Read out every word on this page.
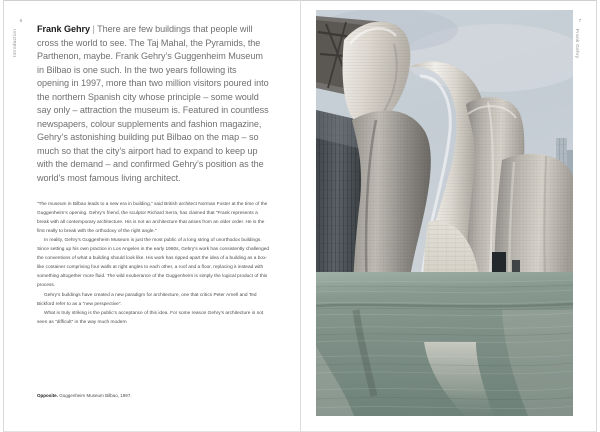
6
Introduction Frank Gehry | There are few buildings that people will cross the world to see. The Taj Mahal, the Pyramids, the Parthenon, maybe. Frank Gehry’s Guggenheim Museum in Bilbao is one such. In the two years following its opening in 1997, more than two million visitors poured into the northern Spanish city whose principle – some would say only – attraction the museum is. Featured in countless newspapers, colour supplements and fashion magazine, Gehry’s astonishing building put Bilbao on the map – so much so that the city’s airport had to expand to keep up with the demand – and confirmed Gehry’s position as the world’s most famous living architect.

“The museum in Bilbao leads to a new era in building,” said British architect Norman Foster at the time of the Guggenheim’s opening. Gehry’s friend, the sculptor Richard Serra, has claimed that “Frank represents a break with all contemporary architecture. His is not an architecture that arises from an older order. He is the first really to break with the orthodoxy of the right angle.”

In reality, Gehry’s Guggenheim Museum is just the most public of a long string of unorthodox buildings. Since setting up his own practice in Los Angeles in the early 1960s, Gehry’s work has consistently challenged the conventions of what a building should look like. His work has ripped apart the idea of a building as a box-like container comprising four walls at right angles to each other, a roof and a floor, replacing it instead with something altogether more fluid. The wild exuberance of the Guggenheim is simply the logical product of this process.

Gehry’s buildings have created a new paradigm for architecture, one that critics Peter Arnell and Ted Bickford refer to as a “new perspective”.

What is truly striking is the public’s acceptance of this idea. For some reason Gehry’s architecture is not seen as “difficult” in the way much modern

Opposite. Guggenheim Museum Bilbao, 1997.
7
Frank Gehry
